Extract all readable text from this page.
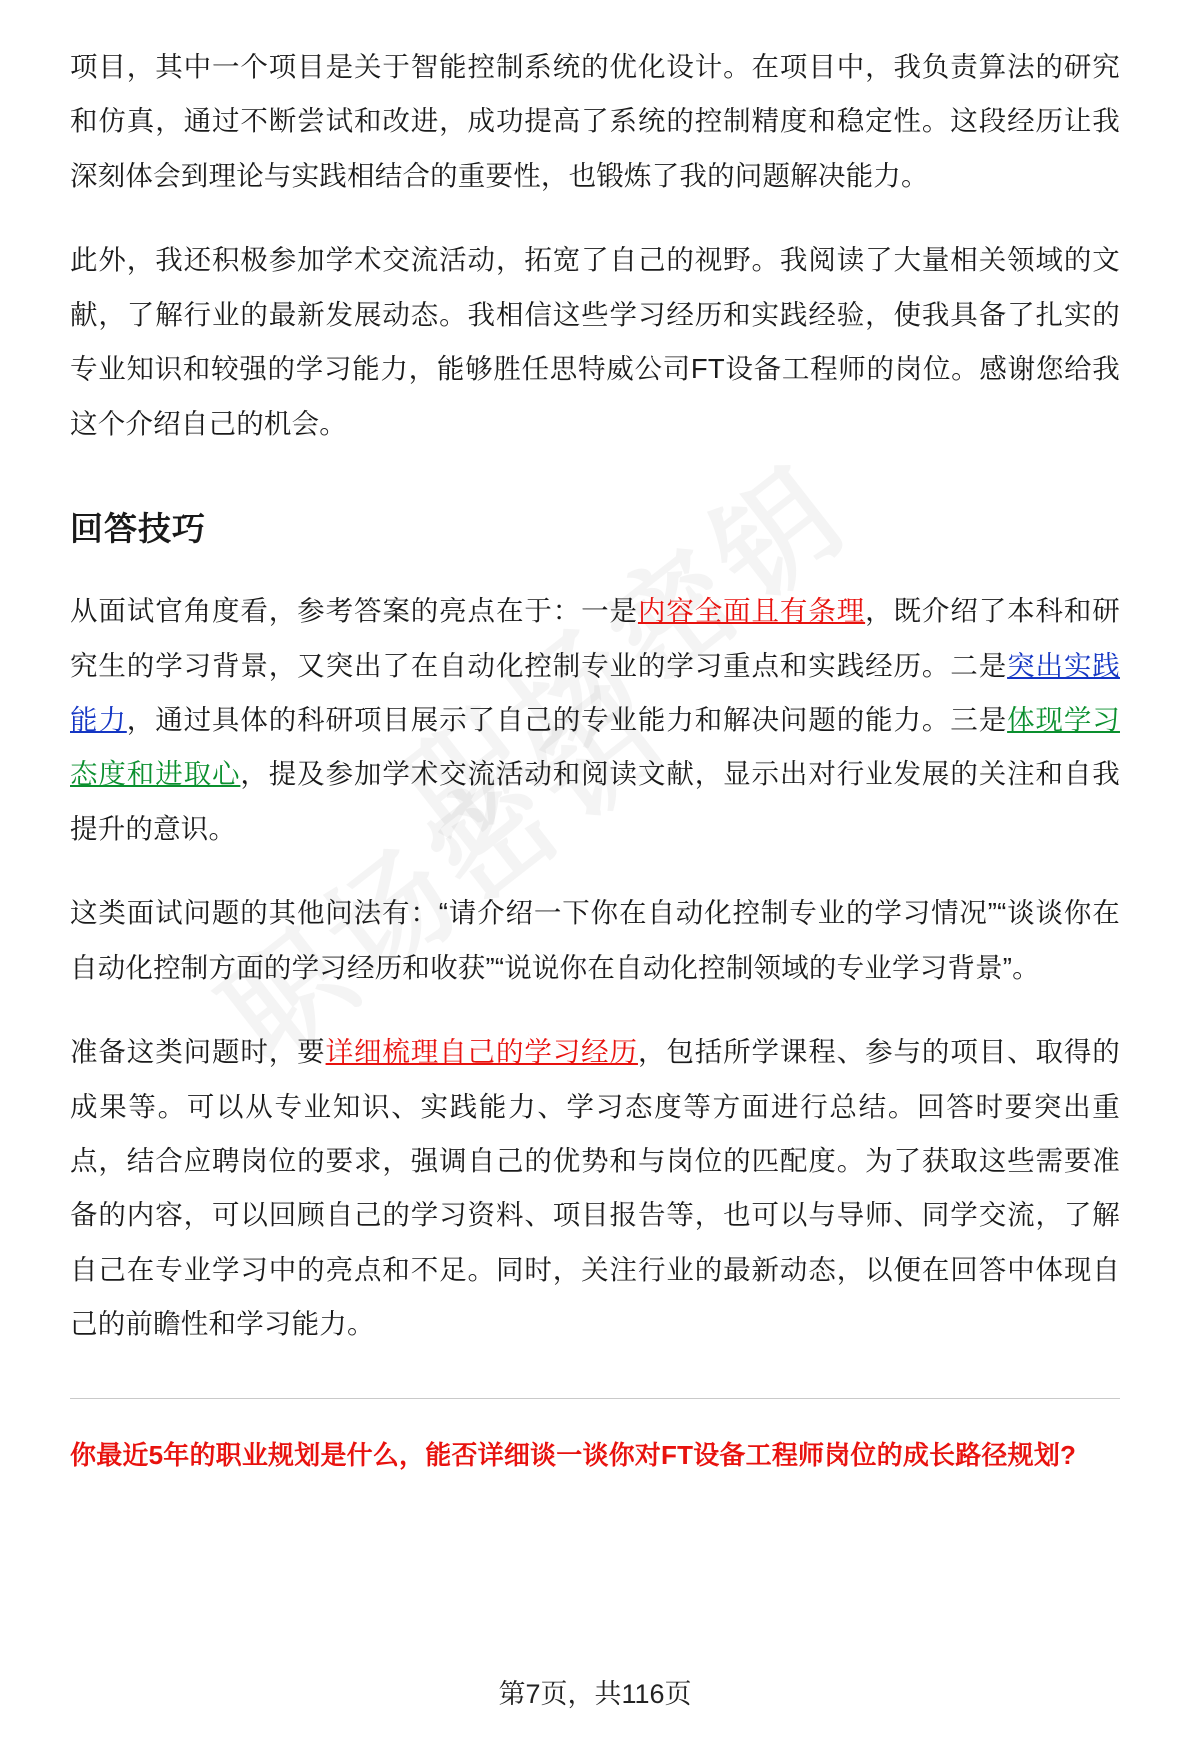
项目，其中一个项目是关于智能控制系统的优化设计。在项目中，我负责算法的研究和仿真，通过不断尝试和改进，成功提高了系统的控制精度和稳定性。这段经历让我深刻体会到理论与实践相结合的重要性，也锻炼了我的问题解决能力。

此外，我还积极参加学术交流活动，拓宽了自己的视野。我阅读了大量相关领域的文献，了解行业的最新发展动态。我相信这些学习经历和实践经验，使我具备了扎实的专业知识和较强的学习能力，能够胜任思特威公司FT设备工程师的岗位。感谢您给我这个介绍自己的机会。

回答技巧

从面试官角度看，参考答案的亮点在于：一是内容全面且有条理，既介绍了本科和研究生的学习背景，又突出了在自动化控制专业的学习重点和实践经历。二是突出实践能力，通过具体的科研项目展示了自己的专业能力和解决问题的能力。三是体现学习态度和进取心，提及参加学术交流活动和阅读文献，显示出对行业发展的关注和自我提升的意识。

这类面试问题的其他问法有：“请介绍一下你在自动化控制专业的学习情况”“谈谈你在自动化控制方面的学习经历和收获”“说说你在自动化控制领域的专业学习背景”。

准备这类问题时，要详细梳理自己的学习经历，包括所学课程、参与的项目、取得的成果等。可以从专业知识、实践能力、学习态度等方面进行总结。回答时要突出重点，结合应聘岗位的要求，强调自己的优势和与岗位的匹配度。为了获取这些需要准备的内容，可以回顾自己的学习资料、项目报告等，也可以与导师、同学交流，了解自己在专业学习中的亮点和不足。同时，关注行业的最新动态，以便在回答中体现自己的前瞻性和学习能力。

你最近5年的职业规划是什么，能否详细谈一谈你对FT设备工程师岗位的成长路径规划?

第7页，共116页
